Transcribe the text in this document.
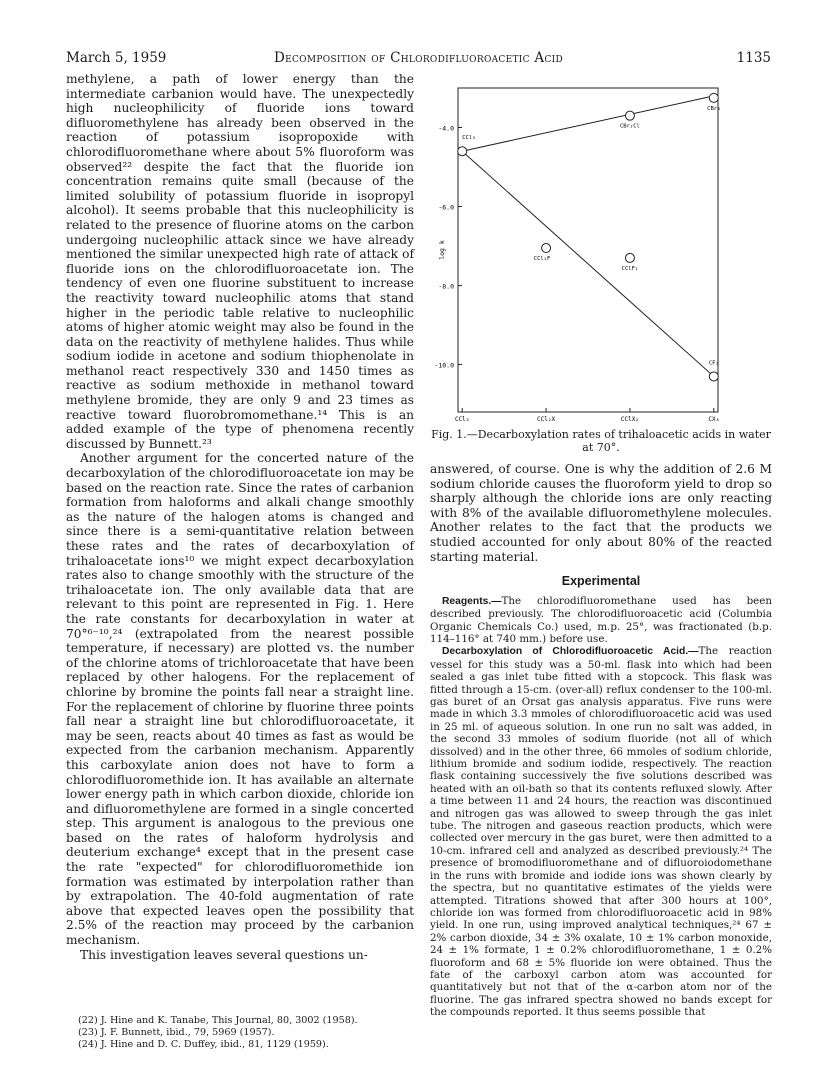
March 5, 1959	Decomposition of Chlorodifluoroacetic Acid	1135

methylene, a path of lower energy than the intermediate carbanion would have. The unexpectedly high nucleophilicity of fluoride ions toward difluoromethylene has already been observed in the reaction of potassium isopropoxide with chlorodifluoromethane where about 5% fluoroform was observed²² despite the fact that the fluoride ion concentration remains quite small (because of the limited solubility of potassium fluoride in isopropyl alcohol). It seems probable that this nucleophilicity is related to the presence of fluorine atoms on the carbon undergoing nucleophilic attack since we have already mentioned the similar unexpected high rate of attack of fluoride ions on the chlorodifluoroacetate ion. The tendency of even one fluorine substituent to increase the reactivity toward nucleophilic atoms that stand higher in the periodic table relative to nucleophilic atoms of higher atomic weight may also be found in the data on the reactivity of methylene halides. Thus while sodium iodide in acetone and sodium thiophenolate in methanol react respectively 330 and 1450 times as reactive as sodium methoxide in methanol toward methylene bromide, they are only 9 and 23 times as reactive toward fluorobromomethane.¹⁴ This is an added example of the type of phenomena recently discussed by Bunnett.²³

Another argument for the concerted nature of the decarboxylation of the chlorodifluoroacetate ion may be based on the reaction rate. Since the rates of carbanion formation from haloforms and alkali change smoothly as the nature of the halogen atoms is changed and since there is a semi-quantitative relation between these rates and the rates of decarboxylation of trihaloacetate ions¹⁰ we might expect decarboxylation rates also to change smoothly with the structure of the trihaloacetate ion. The only available data that are relevant to this point are represented in Fig. 1. Here the rate constants for decarboxylation in water at 70°⁶⁻¹⁰,²⁴ (extrapolated from the nearest possible temperature, if necessary) are plotted vs. the number of the chlorine atoms of trichloroacetate that have been replaced by other halogens. For the replacement of chlorine by bromine the points fall near a straight line. For the replacement of chlorine by fluorine three points fall near a straight line but chlorodifluoroacetate, it may be seen, reacts about 40 times as fast as would be expected from the carbanion mechanism. Apparently this carboxylate anion does not have to form a chlorodifluoromethide ion. It has available an alternate lower energy path in which carbon dioxide, chloride ion and difluoromethylene are formed in a single concerted step. This argument is analogous to the previous one based on the rates of haloform hydrolysis and deuterium exchange⁴ except that in the present case the rate "expected" for chlorodifluoromethide ion formation was estimated by interpolation rather than by extrapolation. The 40-fold augmentation of rate above that expected leaves open the possibility that 2.5% of the reaction may proceed by the carbanion mechanism.

This investigation leaves several questions un-

(22) J. Hine and K. Tanabe, This Journal, 80, 3002 (1958).
(23) J. F. Bunnett, ibid., 79, 5969 (1957).
(24) J. Hine and D. C. Duffey, ibid., 81, 1129 (1959).
-4.0
-6.0
-8.0
-10.0
CCl₃	CCl₂X	CClX₂	CX₃
log k
CCl₃
CBr₂Cl
CBr₃
CCl₂F
CClF₂
CF₃
Fig. 1.—Decarboxylation rates of trihaloacetic acids in water at 70°.

answered, of course. One is why the addition of 2.6 M sodium chloride causes the fluoroform yield to drop so sharply although the chloride ions are only reacting with 8% of the available difluoromethylene molecules. Another relates to the fact that the products we studied accounted for only about 80% of the reacted starting material.

Experimental

Reagents.—The chlorodifluoromethane used has been described previously. The chlorodifluoroacetic acid (Columbia Organic Chemicals Co.) used, m.p. 25°, was fractionated (b.p. 114–116° at 740 mm.) before use.

Decarboxylation of Chlorodifluoroacetic Acid.—The reaction vessel for this study was a 50-ml. flask into which had been sealed a gas inlet tube fitted with a stopcock. This flask was fitted through a 15-cm. (over-all) reflux condenser to the 100-ml. gas buret of an Orsat gas analysis apparatus. Five runs were made in which 3.3 mmoles of chlorodifluoroacetic acid was used in 25 ml. of aqueous solution. In one run no salt was added, in the second 33 mmoles of sodium fluoride (not all of which dissolved) and in the other three, 66 mmoles of sodium chloride, lithium bromide and sodium iodide, respectively. The reaction flask containing successively the five solutions described was heated with an oil-bath so that its contents refluxed slowly. After a time between 11 and 24 hours, the reaction was discontinued and nitrogen gas was allowed to sweep through the gas inlet tube. The nitrogen and gaseous reaction products, which were collected over mercury in the gas buret, were then admitted to a 10-cm. infrared cell and analyzed as described previously.²⁴ The presence of bromodifluoromethane and of difluoroiodomethane in the runs with bromide and iodide ions was shown clearly by the spectra, but no quantitative estimates of the yields were attempted. Titrations showed that after 300 hours at 100°, chloride ion was formed from chlorodifluoroacetic acid in 98% yield. In one run, using improved analytical techniques,²⁴ 67 ± 2% carbon dioxide, 34 ± 3% oxalate, 10 ± 1% carbon monoxide, 24 ± 1% formate, 1 ± 0.2% chlorodifluoromethane, 1 ± 0.2% fluoroform and 68 ± 5% fluoride ion were obtained. Thus the fate of the carboxyl carbon atom was accounted for quantitatively but not that of the α-carbon atom nor of the fluorine. The gas infrared spectra showed no bands except for the compounds reported. It thus seems possible that
